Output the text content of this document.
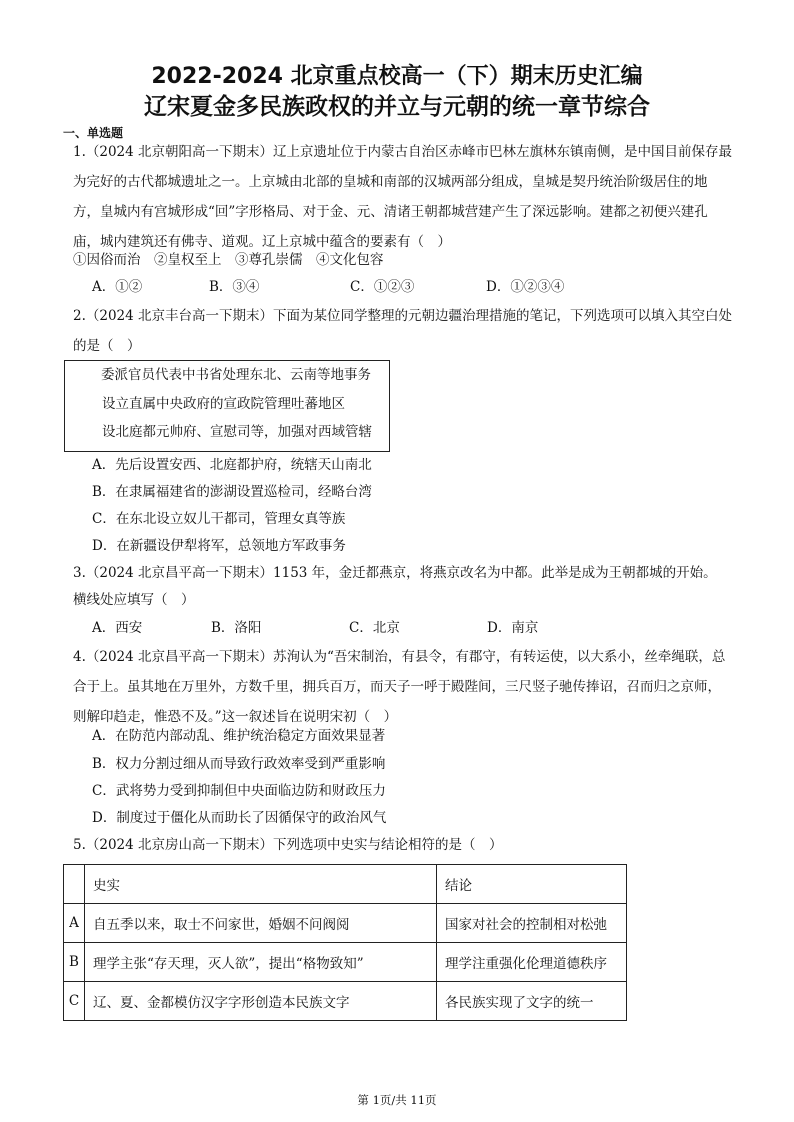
2022-2024 北京重点校高一（下）期末历史汇编
辽宋夏金多民族政权的并立与元朝的统一章节综合
一、单选题

1.（2024 北京朝阳高一下期末）辽上京遗址位于内蒙古自治区赤峰市巴林左旗林东镇南侧，是中国目前保存最为完好的古代都城遗址之一。上京城由北部的皇城和南部的汉城两部分组成，皇城是契丹统治阶级居住的地方，皇城内有宫城形成“回”字形格局、对于金、元、清诸王朝都城营建产生了深远影响。建都之初便兴建孔庙，城内建筑还有佛寺、道观。辽上京城中蕴含的要素有（　）

①因俗而治　②皇权至上　③尊孔崇儒　④文化包容
A．①②	B．③④	C．①②③	D．①②③④

2.（2024 北京丰台高一下期末）下面为某位同学整理的元朝边疆治理措施的笔记，下列选项可以填入其空白处的是（　）

委派官员代表中书省处理东北、云南等地事务
设立直属中央政府的宣政院管理吐蕃地区
设北庭都元帅府、宣慰司等，加强对西域管辖
A．先后设置安西、北庭都护府，统辖天山南北
B．在隶属福建省的澎湖设置巡检司，经略台湾
C．在东北设立奴儿干都司，管理女真等族
D．在新疆设伊犁将军，总领地方军政事务
3.（2024 北京昌平高一下期末）1153 年，金迁都燕京，将燕京改名为中都。此举是成为王朝都城的开始。
横线处应填写（　）
A．西安	B．洛阳	C．北京	D．南京

4.（2024 北京昌平高一下期末）苏洵认为“吾宋制治，有县令，有郡守，有转运使，以大系小，丝牵绳联，总合于上。虽其地在万里外，方数千里，拥兵百万，而天子一呼于殿陛间，三尺竖子驰传捧诏，召而归之京师，则解印趋走，惟恐不及。”这一叙述旨在说明宋初（　）

A．在防范内部动乱、维护统治稳定方面效果显著
B．权力分割过细从而导致行政效率受到严重影响
C．武将势力受到抑制但中央面临边防和财政压力
D．制度过于僵化从而助长了因循保守的政治风气
5.（2024 北京房山高一下期末）下列选项中史实与结论相符的是（　）
	史实	结论
A	自五季以来，取士不问家世，婚姻不问阀阅	国家对社会的控制相对松弛
B	理学主张“存天理，灭人欲”，提出“格物致知”	理学注重强化伦理道德秩序
C	辽、夏、金都模仿汉字字形创造本民族文字	各民族实现了文字的统一
第 1页/共 11页
